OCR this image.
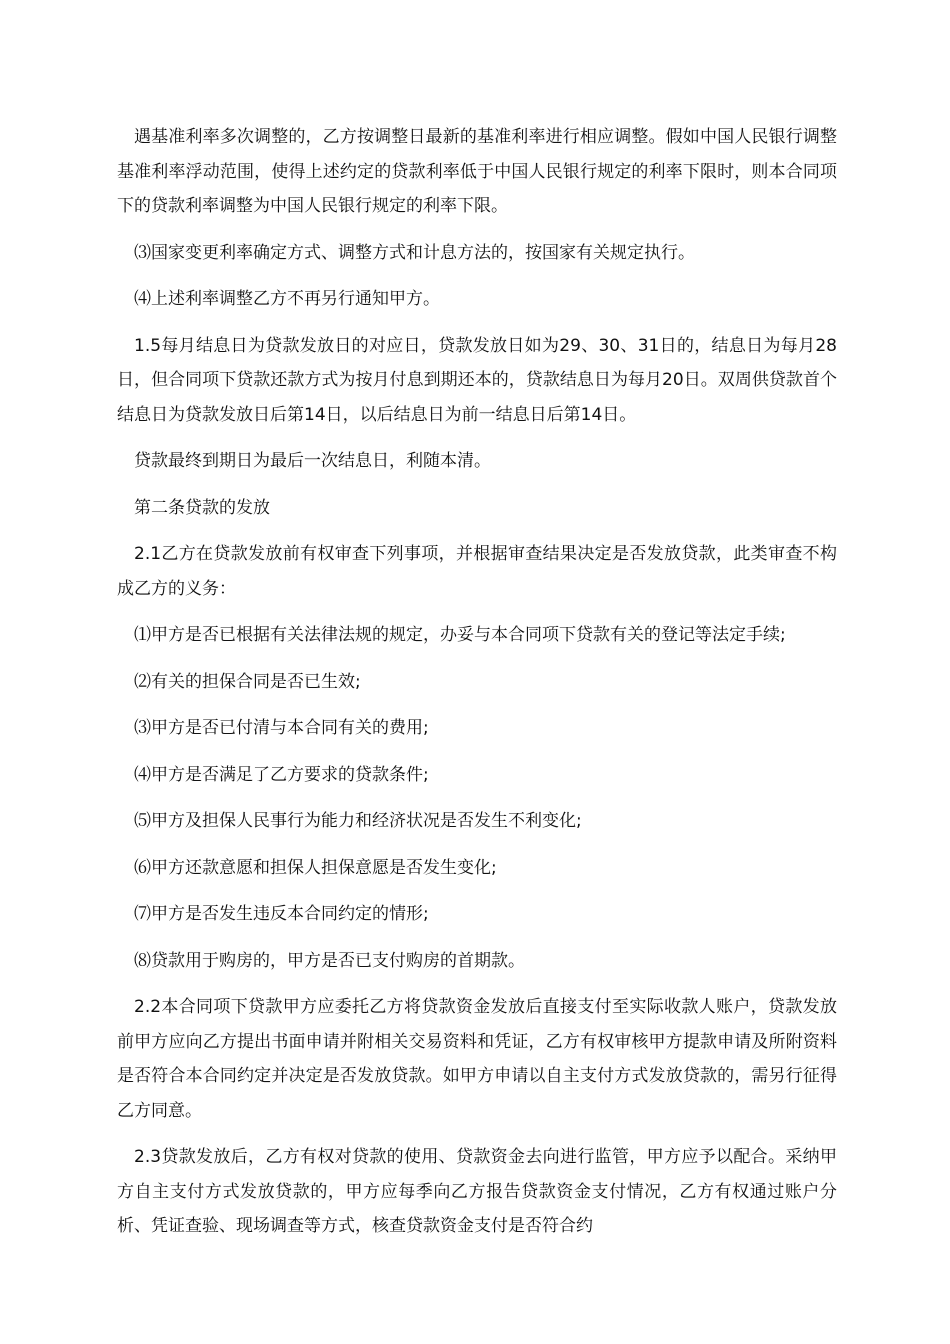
遇基准利率多次调整的，乙方按调整日最新的基准利率进行相应调整。假如中国人民银行调整基准利率浮动范围，使得上述约定的贷款利率低于中国人民银行规定的利率下限时，则本合同项下的贷款利率调整为中国人民银行规定的利率下限。

⑶国家变更利率确定方式、调整方式和计息方法的，按国家有关规定执行。

⑷上述利率调整乙方不再另行通知甲方。

1.5每月结息日为贷款发放日的对应日，贷款发放日如为29、30、31日的，结息日为每月28日，但合同项下贷款还款方式为按月付息到期还本的，贷款结息日为每月20日。双周供贷款首个结息日为贷款发放日后第14日，以后结息日为前一结息日后第14日。

贷款最终到期日为最后一次结息日，利随本清。

第二条贷款的发放

2.1乙方在贷款发放前有权审查下列事项，并根据审查结果决定是否发放贷款，此类审查不构成乙方的义务：

⑴甲方是否已根据有关法律法规的规定，办妥与本合同项下贷款有关的登记等法定手续;

⑵有关的担保合同是否已生效;

⑶甲方是否已付清与本合同有关的费用;

⑷甲方是否满足了乙方要求的贷款条件;

⑸甲方及担保人民事行为能力和经济状况是否发生不利变化;

⑹甲方还款意愿和担保人担保意愿是否发生变化;

⑺甲方是否发生违反本合同约定的情形;

⑻贷款用于购房的，甲方是否已支付购房的首期款。

2.2本合同项下贷款甲方应委托乙方将贷款资金发放后直接支付至实际收款人账户，贷款发放前甲方应向乙方提出书面申请并附相关交易资料和凭证，乙方有权审核甲方提款申请及所附资料是否符合本合同约定并决定是否发放贷款。如甲方申请以自主支付方式发放贷款的，需另行征得乙方同意。

2.3贷款发放后，乙方有权对贷款的使用、贷款资金去向进行监管，甲方应予以配合。采纳甲方自主支付方式发放贷款的，甲方应每季向乙方报告贷款资金支付情况，乙方有权通过账户分析、凭证查验、现场调查等方式，核查贷款资金支付是否符合约
